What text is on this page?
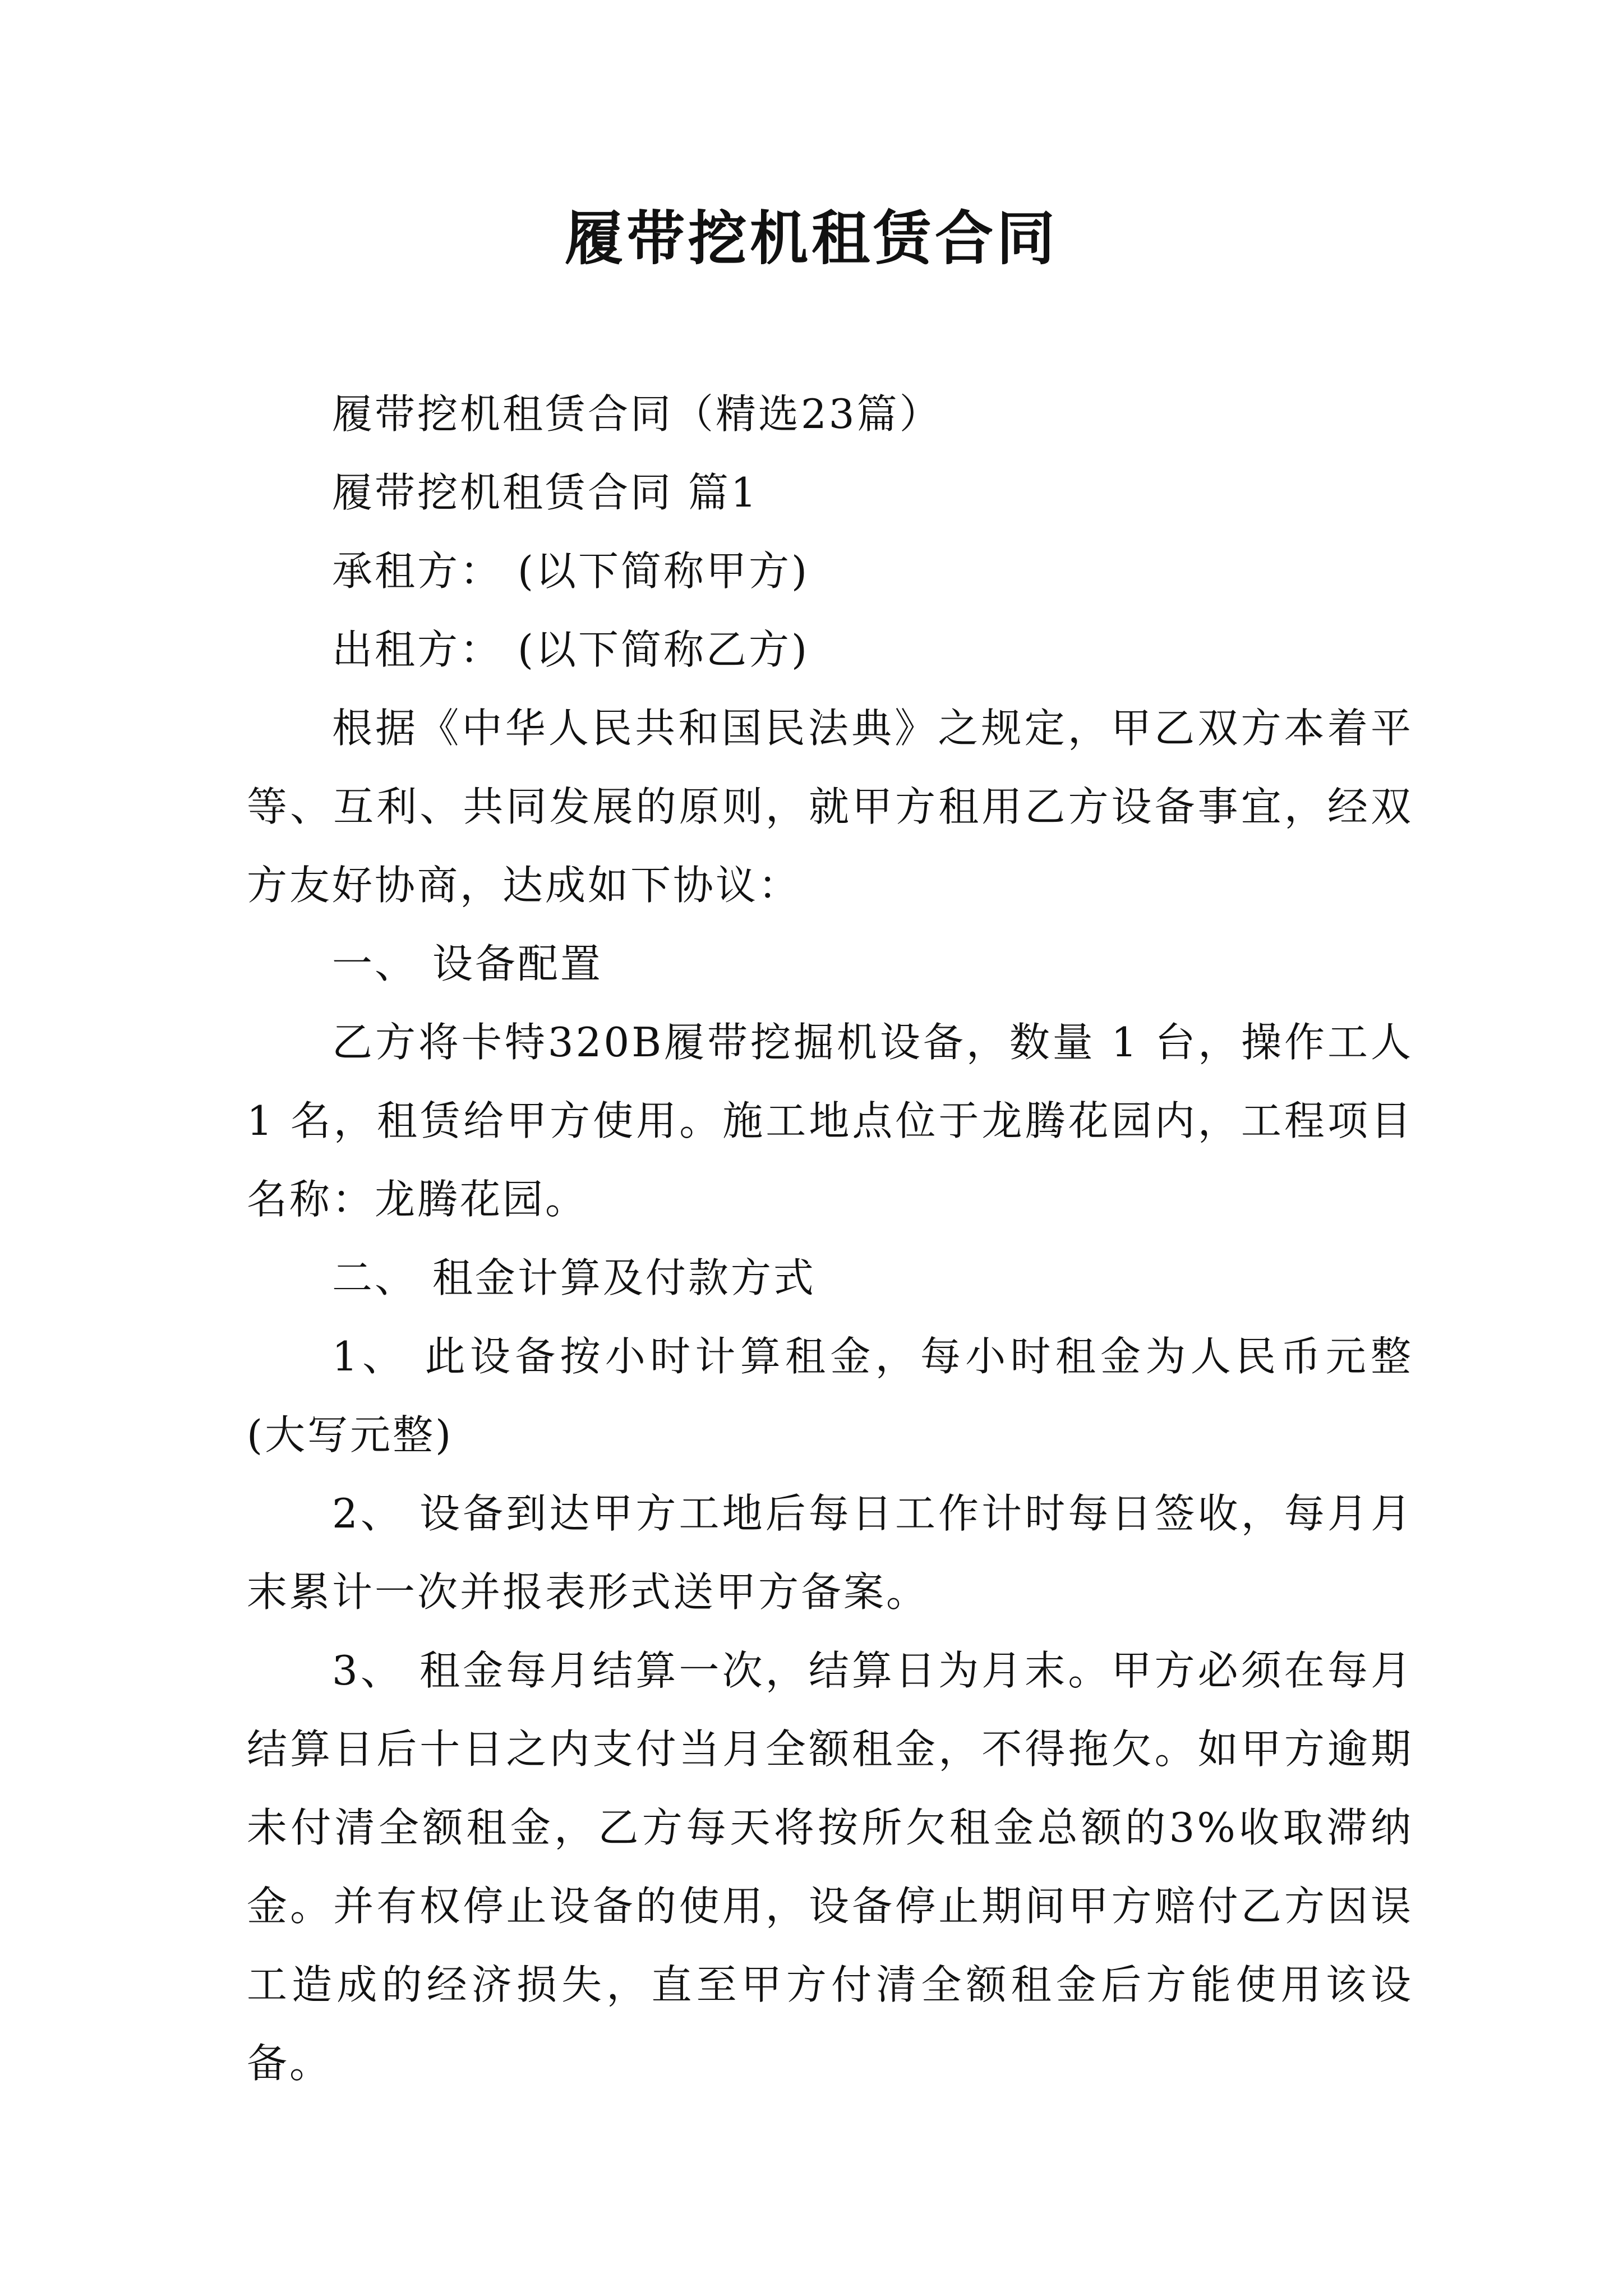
履带挖机租赁合同

履带挖机租赁合同（精选23篇）

履带挖机租赁合同 篇1

承租方： (以下简称甲方)

出租方： (以下简称乙方)

根据《中华人民共和国民法典》之规定，甲乙双方本着平等、互利、共同发展的原则，就甲方租用乙方设备事宜，经双方友好协商，达成如下协议：

一、 设备配置

乙方将卡特320B履带挖掘机设备，数量 1 台，操作工人 1 名，租赁给甲方使用。施工地点位于龙腾花园内，工程项目名称：龙腾花园。

二、 租金计算及付款方式

1、 此设备按小时计算租金，每小时租金为人民币元整(大写元整)

2、 设备到达甲方工地后每日工作计时每日签收，每月月末累计一次并报表形式送甲方备案。

3、 租金每月结算一次，结算日为月末。甲方必须在每月结算日后十日之内支付当月全额租金，不得拖欠。如甲方逾期未付清全额租金，乙方每天将按所欠租金总额的3%收取滞纳金。并有权停止设备的使用，设备停止期间甲方赔付乙方因误工造成的经济损失，直至甲方付清全额租金后方能使用该设备。
